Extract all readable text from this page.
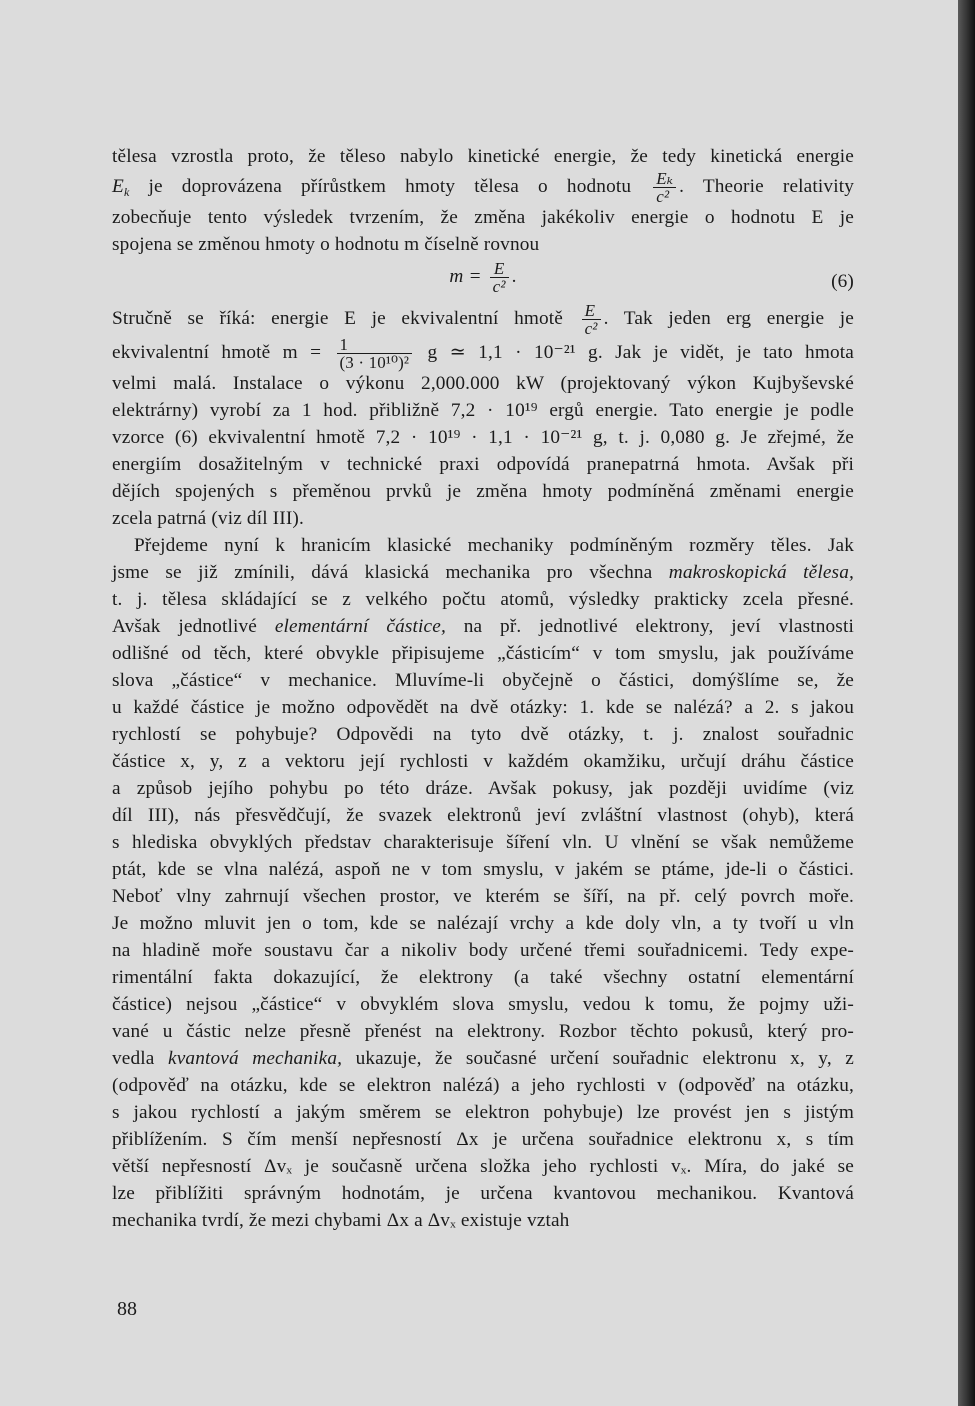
tělesa vzrostla proto, že těleso nabylo kinetické energie, že tedy kinetická energie
$E_k$ je doprovázena přírůstkem hmoty tělesa o hodnotu $\frac{\text{Eₖ}}{\text{c²}}$ . Theorie relativity
zobecňuje tento výsledek tvrzením, že změna jakékoliv energie o hodnotu E je
spojena se změnou hmoty o hodnotu m číselně rovnou
$m = \frac{E}{\text{c²}}$ .	(6)
Stručně se říká: energie E je ekvivalentní hmotě $\frac{E}{\text{c²}}$ . Tak jeden erg energie je
ekvivalentní hmotě $m = \frac{1}{\text{(3 · 10¹⁰)²}}$ g ≃ 1,1 · 10⁻²¹ g. Jak je vidět, je tato hmota
velmi malá. Instalace o výkonu 2,000.000 kW (projektovaný výkon Kujbyševské
elektrárny) vyrobí za 1 hod. přibližně 7,2 · 10¹⁹ ergů energie. Tato energie je podle
vzorce (6) ekvivalentní hmotě 7,2 · 10¹⁹ · 1,1 · 10⁻²¹ g, t. j. 0,080 g. Je zřejmé, že
energiím dosažitelným v technické praxi odpovídá pranepatrná hmota. Avšak při
dějích spojených s přeměnou prvků je změna hmoty podmíněná změnami energie
zcela patrná (viz díl III).
Přejdeme nyní k hranicím klasické mechaniky podmíněným rozměry těles. Jak
jsme se již zmínili, dává klasická mechanika pro všechna makroskopická tělesa,
t. j. tělesa skládající se z velkého počtu atomů, výsledky prakticky zcela přesné.
Avšak jednotlivé elementární částice, na př. jednotlivé elektrony, jeví vlastnosti
odlišné od těch, které obvykle připisujeme „částicím“ v tom smyslu, jak používáme
slova „částice“ v mechanice. Mluvíme-li obyčejně o částici, domýšlíme se, že
u každé částice je možno odpovědět na dvě otázky: 1. kde se nalézá? a 2. s jakou
rychlostí se pohybuje? Odpovědi na tyto dvě otázky, t. j. znalost souřadnic
částice x, y, z a vektoru její rychlosti v každém okamžiku, určují dráhu částice
a způsob jejího pohybu po této dráze. Avšak pokusy, jak později uvidíme (viz
díl III), nás přesvědčují, že svazek elektronů jeví zvláštní vlastnost (ohyb), která
s hlediska obvyklých představ charakterisuje šíření vln. U vlnění se však nemůžeme
ptát, kde se vlna nalézá, aspoň ne v tom smyslu, v jakém se ptáme, jde-li o částici.
Neboť vlny zahrnují všechen prostor, ve kterém se šíří, na př. celý povrch moře.
Je možno mluvit jen o tom, kde se nalézají vrchy a kde doly vln, a ty tvoří u vln
na hladině moře soustavu čar a nikoliv body určené třemi souřadnicemi. Tedy expe-
rimentální fakta dokazující, že elektrony (a také všechny ostatní elementární
částice) nejsou „částice“ v obvyklém slova smyslu, vedou k tomu, že pojmy uži-
vané u částic nelze přesně přenést na elektrony. Rozbor těchto pokusů, který pro-
vedla kvantová mechanika, ukazuje, že současné určení souřadnic elektronu x, y, z
(odpověď na otázku, kde se elektron nalézá) a jeho rychlosti v (odpověď na otázku,
s jakou rychlostí a jakým směrem se elektron pohybuje) lze provést jen s jistým
přiblížením. S čím menší nepřesností Δx je určena souřadnice elektronu x, s tím
větší nepřesností Δvₓ je současně určena složka jeho rychlosti vₓ. Míra, do jaké se
lze přiblížiti správným hodnotám, je určena kvantovou mechanikou. Kvantová
mechanika tvrdí, že mezi chybami Δx a Δvₓ existuje vztah
88
